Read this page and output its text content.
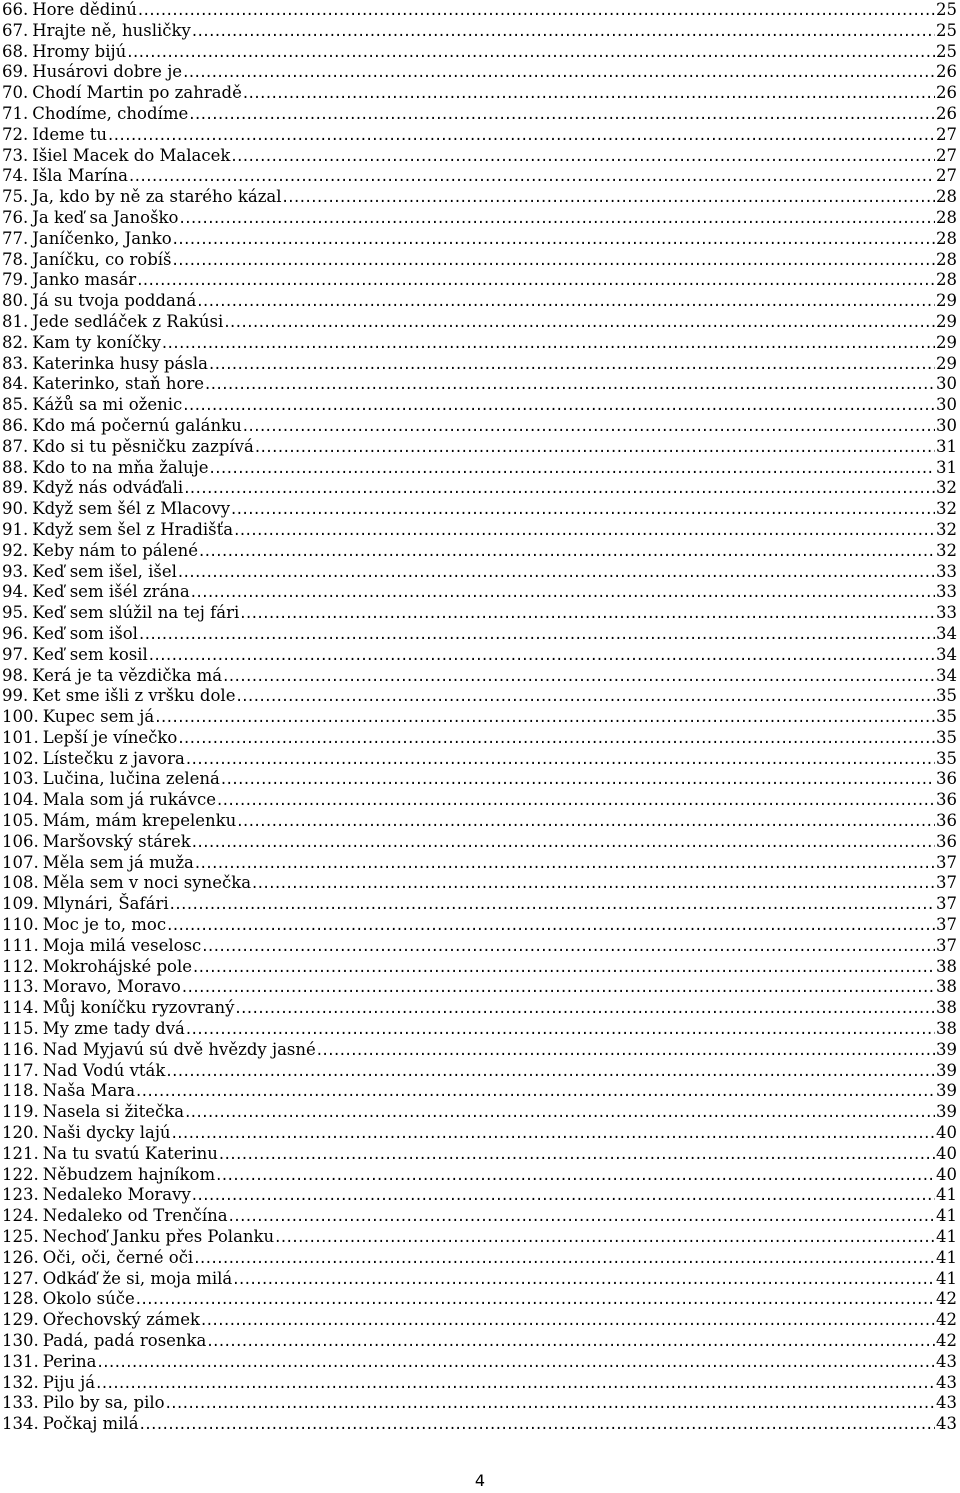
66. Hore dědinú .....	25
67. Hrajte ně, husličky .....	25
68. Hromy bijú .....	25
69. Husárovi dobre je .....	26
70. Chodí Martin po zahradě .....	26
71. Chodíme, chodíme .....	26
72. Ideme tu .....	27
73. Išiel Macek do Malacek .....	27
74. Išla Marína .....	27
75. Ja, kdo by ně za starého kázal .....	28
76. Ja keď sa Janoško .....	28
77. Janíčenko, Janko .....	28
78. Janíčku, co robíš .....	28
79. Janko masár .....	28
80. Já su tvoja poddaná .....	29
81. Jede sedláček z Rakúsi .....	29
82. Kam ty koníčky .....	29
83. Katerinka husy pásla .....	29
84. Katerinko, staň hore .....	30
85. Kážů sa mi oženic .....	30
86. Kdo má počernú galánku .....	30
87. Kdo si tu pěsničku zazpívá .....	31
88. Kdo to na mňa žaluje .....	31
89. Když nás odváďali .....	32
90. Když sem šél z Mlacovy .....	32
91. Když sem šel z Hradišťa .....	32
92. Keby nám to pálené .....	32
93. Keď sem išel, išel .....	33
94. Keď sem išél zrána .....	33
95. Keď sem slúžil na tej fári .....	33
96. Keď som išol .....	34
97. Keď sem kosil .....	34
98. Kerá je ta vězdička má .....	34
99. Ket sme išli z vršku dole .....	35
100. Kupec sem já .....	35
101. Lepší je vínečko .....	35
102. Lístečku z javora .....	35
103. Lučina, lučina zelená .....	36
104. Mala som já rukávce .....	36
105. Mám, mám krepelenku .....	36
106. Maršovský stárek .....	36
107. Měla sem já muža .....	37
108. Měla sem v noci synečka .....	37
109. Mlynári, Šafári .....	37
110. Moc je to, moc .....	37
111. Moja milá veselosc .....	37
112. Mokrohájské pole .....	38
113. Moravo, Moravo .....	38
114. Můj koníčku ryzovraný .....	38
115. My zme tady dvá .....	38
116. Nad Myjavú sú dvě hvězdy jasné .....	39
117. Nad Vodú vták .....	39
118. Naša Mara .....	39
119. Nasela si žitečka .....	39
120. Naši dycky lajú .....	40
121. Na tu svatú Katerinu .....	40
122. Něbudzem hajníkom .....	40
123. Nedaleko Moravy .....	41
124. Nedaleko od Trenčína .....	41
125. Nechoď Janku přes Polanku .....	41
126. Oči, oči, černé oči .....	41
127. Odkáď že si, moja milá .....	41
128. Okolo súče .....	42
129. Ořechovský zámek .....	42
130. Padá, padá rosenka .....	42
131. Perina .....	43
132. Piju já .....	43
133. Pilo by sa, pilo .....	43
134. Počkaj milá .....	43
4
